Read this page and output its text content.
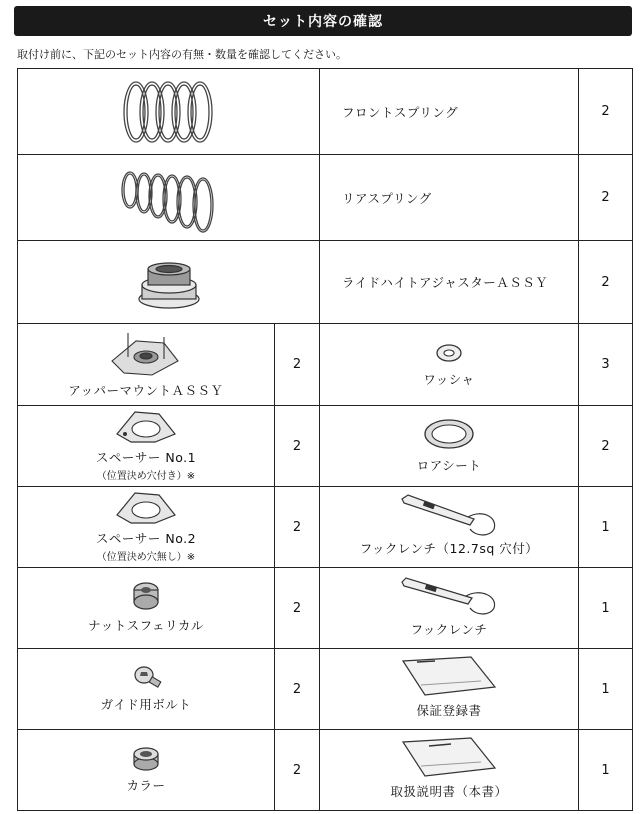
セット内容の確認
取付け前に、下記のセット内容の有無・数量を確認してください。
	フロントスプリング	2

	リアスプリング	2

	ライドハイトアジャスターＡＳＳＹ	2

アッパーマウントＡＳＳＹ	2	ワッシャ	3

スペーサー No.1
（位置決め穴付き）※	2	ロアシート	2

スペーサー No.2
（位置決め穴無し）※	2	フックレンチ（12.7sq 穴付）	1

ナットスフェリカル	2	フックレンチ	1

ガイド用ボルト	2	保証登録書	1

カラー	2	取扱説明書（本書）	1
